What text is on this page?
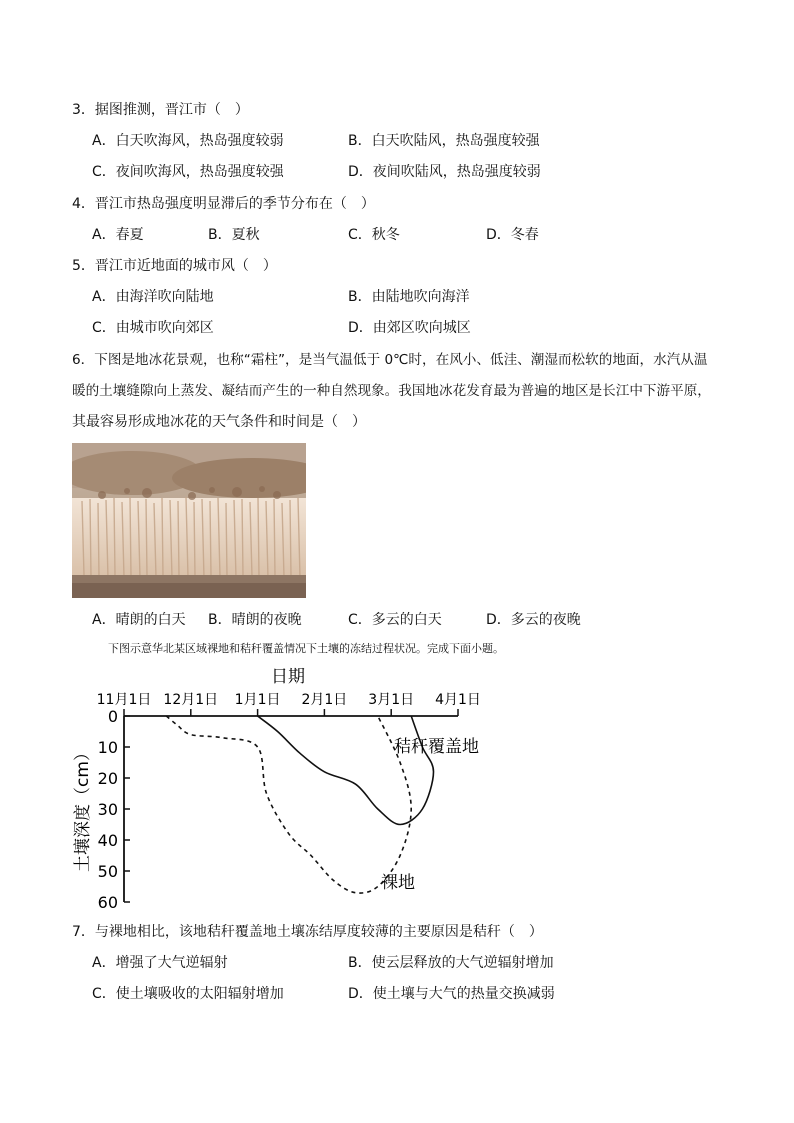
3．据图推测，晋江市（　）
A．白天吹海风，热岛强度较弱	B．白天吹陆风，热岛强度较强
C．夜间吹海风，热岛强度较强	D．夜间吹陆风，热岛强度较弱
4．晋江市热岛强度明显滞后的季节分布在（　）
A．春夏	B．夏秋	C．秋冬	D．冬春
5．晋江市近地面的城市风（　）
A．由海洋吹向陆地	B．由陆地吹向海洋
C．由城市吹向郊区	D．由郊区吹向城区
6．下图是地冰花景观，也称“霜柱”，是当气温低于 0℃时，在风小、低洼、潮湿而松软的地面，水汽从温
暖的土壤缝隙向上蒸发、凝结而产生的一种自然现象。我国地冰花发育最为普遍的地区是长江中下游平原，
其最容易形成地冰花的天气条件和时间是（　）
A．晴朗的白天 B．晴朗的夜晚	C．多云的白天	D．多云的夜晚
下图示意华北某区域裸地和秸秆覆盖情况下土壤的冻结过程状况。完成下面小题。
日期
11月1日 12月1日 1月1日 2月1日 3月1日 4月1日
0
10
20
30
40
50
60
土壤深度（cm）	秸秆覆盖地
裸地
7．与裸地相比，该地秸秆覆盖地土壤冻结厚度较薄的主要原因是秸秆（　）
A．增强了大气逆辐射	B．使云层释放的大气逆辐射增加
C．使土壤吸收的太阳辐射增加	D．使土壤与大气的热量交换减弱
